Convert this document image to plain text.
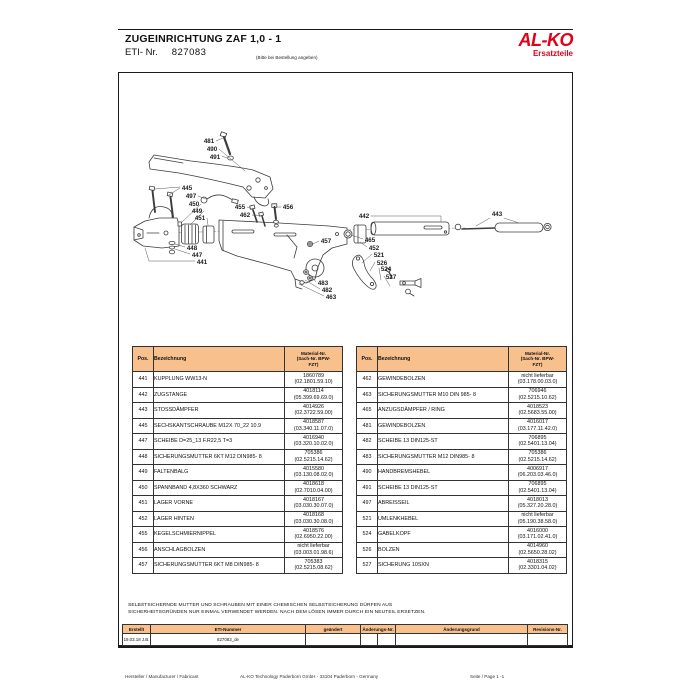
ZUGEINRICHTUNG ZAF 1,0 - 1
ETI- Nr. 827083	(Bitte bei Bestellung angeben)
AL-KO
Ersatzteile
481
490
491
445
497
450
449
451
455
462
456
442	443
465
452
521
526
524
527
457
448
447
441
483
482
463
Pos.	Bezeichnung	Material-Nr.
(Sach-Nr. BPW-
FZT)

441	KUPPLUNG WW13-N	1860789
(02.1801.59.10)

442	ZUGSTANGE	4018114
(05.399.69.69.0)

443	STOSSDÄMPFER	4014926
(02.3722.59.00)

445	SECHSKANTSCHRAUBE M12X 70_22 10.9	4018587
(03.340.11.07.0)

447	SCHEIBE D=25_13 F.R22,5 T=3	4016940
(03.320.10.02.0)

448	SICHERUNGSMUTTER 6KT M12 DIN985- 8	705386
(02.5215.14.62)

449	FALTENBALG	4015580
(03.130.08.02.0)

450	SPANNBAND 4,8X360 SCHWARZ	4018618
(02.7010.04.00)

451	LAGER VORNE	4018167
(03.030.30.07.0)

452	LAGER HINTEN	4018168
(03.030.30.08.0)

455	KEGELSCHMIERNIPPEL	4018576
(02.6950.22.00)

456	ANSCHLAGBOLZEN	nicht lieferbar
(03.003.01.98.6)

457	SICHERUNGSMUTTER 6KT M8 DIN985- 8	705383
(02.5215.08.62)
Pos.	Bezeichnung	Material-Nr.
(Sach-Nr. BPW-
FZT)

462	GEWINDEBOLZEN	nicht lieferbar
(03.178.00.03.0)

463	SICHERUNGSMUTTER M10 DIN 985- 8	706946
(02.5215.10.62)

465	ANZUGSDÄMPFER / RING	4018523
(02.5683.55.00)

481	GEWINDEBOLZEN	4016017
(03.177.11.42.0)

482	SCHEIBE 13 DIN125-ST	706895
(02.5401.13.04)

483	SICHERUNGSMUTTER M12 DIN985- 8	705386
(02.5215.14.62)

490	HANDBREMSHEBEL	4006917
(06.203.03.46.0)

491	SCHEIBE 13 DIN125-ST	706895
(02.5401.13.04)

497	ABREISSEIL	4018013
(05.327.20.28.0)

521	UMLENKHEBEL	nicht lieferbar
(05.190.38.58.0)

524	GABELKOPF	4016000
(03.171.02.41.0)

526	BOLZEN	4014960
(02.5650.28.02)

527	SICHERUNG 10SXN	4018315
(02.3301.04.02)
SELBSTSICHERNDE MUTTER UND SCHRAUBEN MIT EINER CHEMISCHEN SELBSTSICHERUNG DÜRFEN AUS
SICHERHEITSGRÜNDEN NUR EINMAL VERWENDET WERDEN. NACH DEM LÖSEN IMMER DURCH EIN NEUTEIL ERSETZEN.
Erstellt	ETI-Nummer	geändert	Änderungs-Nr.		Änderungsgrund	Revisions-Nr.
19.03.18 J.B.	827083_de					
Hersteller / Manufacturer / Fabricant	AL-KO Technology Paderborn GmbH - 33104 Paderborn - Germany	Seite / Page 1 -1
